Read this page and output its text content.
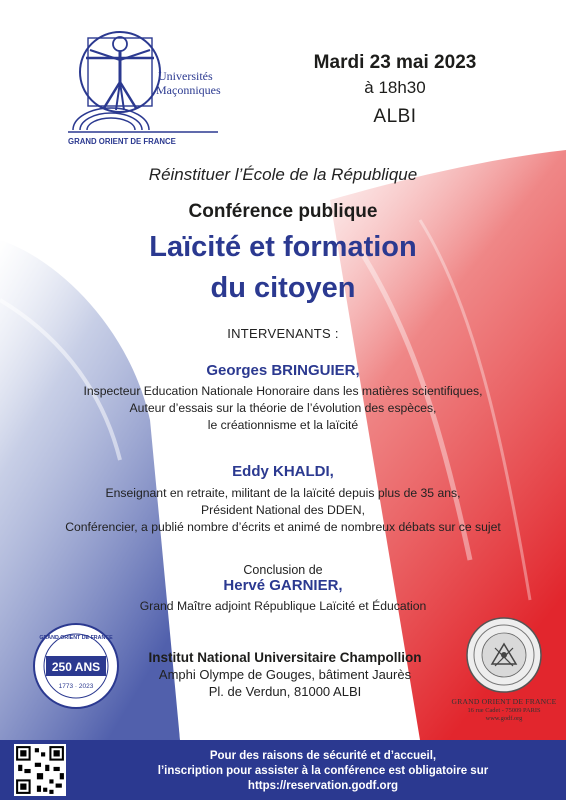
Universités
Maçonniques
GRAND ORIENT DE FRANCE
Mardi 23 mai 2023
à 18h30
ALBI
Réinstituer l’École de la République
Conférence publique
Laïcité et formation
du citoyen
INTERVENANTS :
Georges BRINGUIER,
Inspecteur Education Nationale Honoraire dans les matières scientifiques,
Auteur d’essais sur la théorie de l’évolution des espèces,
le créationnisme et la laïcité
Eddy KHALDI,
Enseignant en retraite, militant de la laïcité depuis plus de 35 ans,
Président National des DDEN,
Conférencier, a publié nombre d’écrits et animé de nombreux débats sur ce sujet
Conclusion de
Hervé GARNIER,
Grand Maître adjoint République Laïcité et Éducation
GRAND ORIENT DE FRANCE
250 ANS
1773 · 2023
Institut National Universitaire Champollion
Amphi Olympe de Gouges, bâtiment Jaurès
Pl. de Verdun, 81000 ALBI
GRAND ORIENT DE FRANCE
16 rue Cadet - 75009 PARIS
www.godf.org
Pour des raisons de sécurité et d’accueil,
l’inscription pour assister à la conférence est obligatoire sur
https://reservation.godf.org
